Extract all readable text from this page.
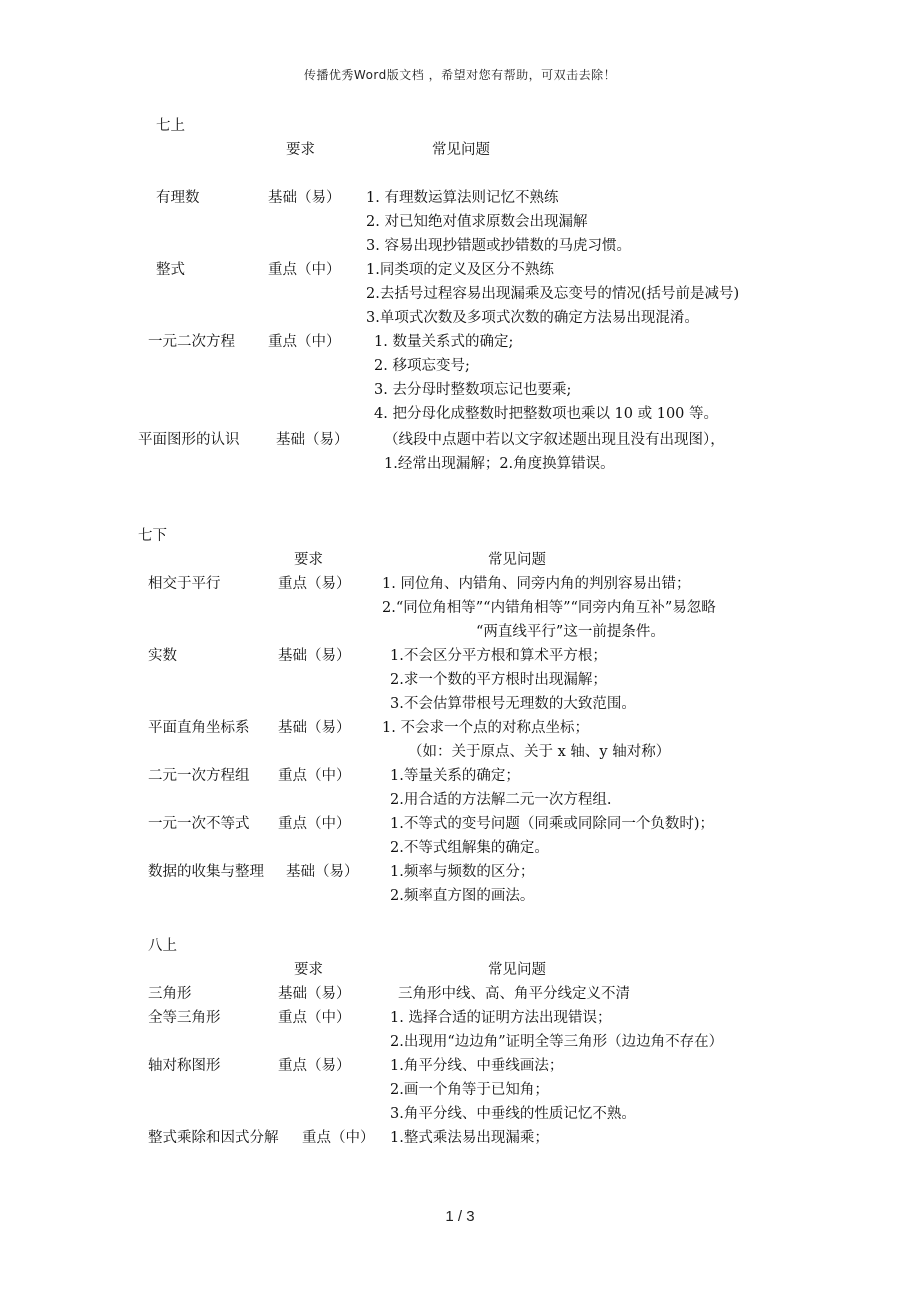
传播优秀Word版文档 ，希望对您有帮助，可双击去除！
七上
要求	常见问题
有理数	基础（易） 1. 有理数运算法则记忆不熟练
2. 对已知绝对值求原数会出现漏解
3. 容易出现抄错题或抄错数的马虎习惯。
整式	重点（中） 1.同类项的定义及区分不熟练
2.去括号过程容易出现漏乘及忘变号的情况(括号前是减号)
3.单项式次数及多项式次数的确定方法易出现混淆。
一元二次方程 重点（中） 1. 数量关系式的确定;
2. 移项忘变号;
3. 去分母时整数项忘记也要乘;
4. 把分母化成整数时把整数项也乘以 10 或 100 等。
平面图形的认识	基础（易） （线段中点题中若以文字叙述题出现且没有出现图），
1.经常出现漏解；2.角度换算错误。
七下
要求	常见问题
相交于平行	重点（易） 1. 同位角、内错角、同旁内角的判别容易出错；
2.“同位角相等”“内错角相等”“同旁内角互补”易忽略
“两直线平行”这一前提条件。
实数	基础（易）	1.不会区分平方根和算术平方根；
2.求一个数的平方根时出现漏解；
3.不会估算带根号无理数的大致范围。
平面直角坐标系 基础（易） 1. 不会求一个点的对称点坐标；
（如：关于原点、关于 x 轴、y 轴对称）
二元一次方程组 重点（中）	1.等量关系的确定；
2.用合适的方法解二元一次方程组.
一元一次不等式 重点（中）	1.不等式的变号问题（同乘或同除同一个负数时)；
2.不等式组解集的确定。
数据的收集与整理 基础（易） 1.频率与频数的区分；
2.频率直方图的画法。
八上
要求	常见问题
三角形	基础（易）	三角形中线、高、角平分线定义不清
全等三角形	重点（中）	1. 选择合适的证明方法出现错误；
2.出现用“边边角”证明全等三角形（边边角不存在）
轴对称图形	重点（易）	1.角平分线、中垂线画法；
2.画一个角等于已知角；
3.角平分线、中垂线的性质记忆不熟。
整式乘除和因式分解 重点（中） 1.整式乘法易出现漏乘；
1 / 3
